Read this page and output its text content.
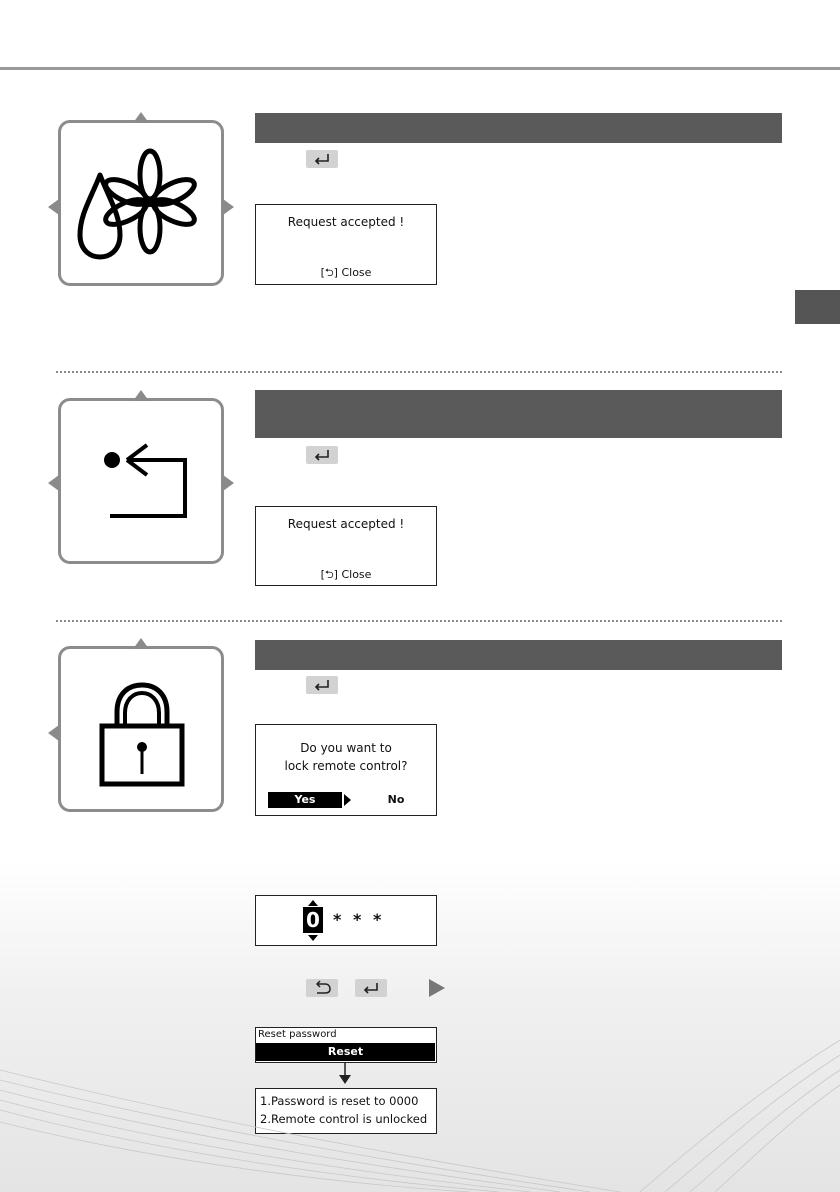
Request accepted !
[⮌] Close
Request accepted !
[⮌] Close
Do you want to
lock remote control?
Yes	No
0 * * *
Reset password
Reset
1.Password is reset to 0000
2.Remote control is unlocked
